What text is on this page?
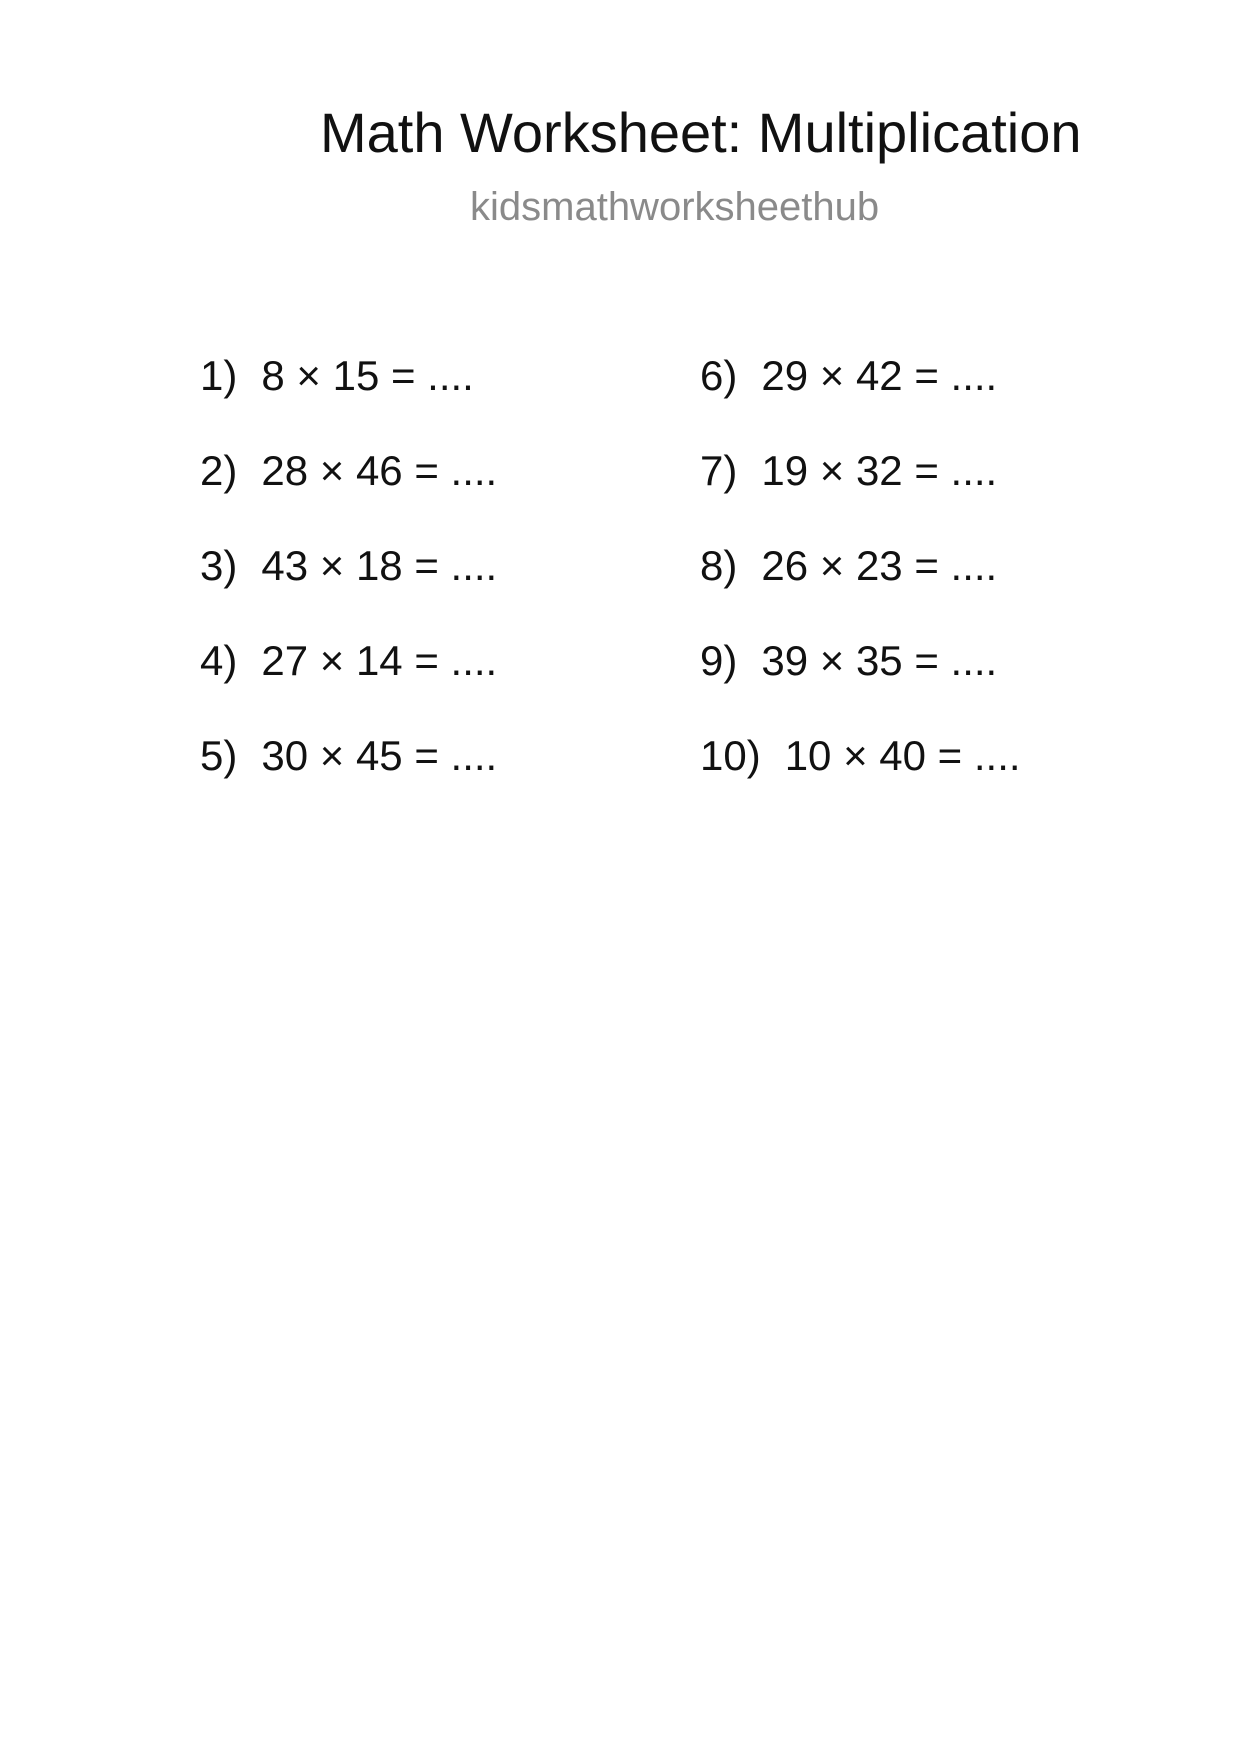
Math Worksheet: Multiplication
kidsmathworksheethub
1) 8 × 15 = ....
2) 28 × 46 = ....
3) 43 × 18 = ....
4) 27 × 14 = ....
5) 30 × 45 = ....
6) 29 × 42 = ....
7) 19 × 32 = ....
8) 26 × 23 = ....
9) 39 × 35 = ....
10) 10 × 40 = ....
